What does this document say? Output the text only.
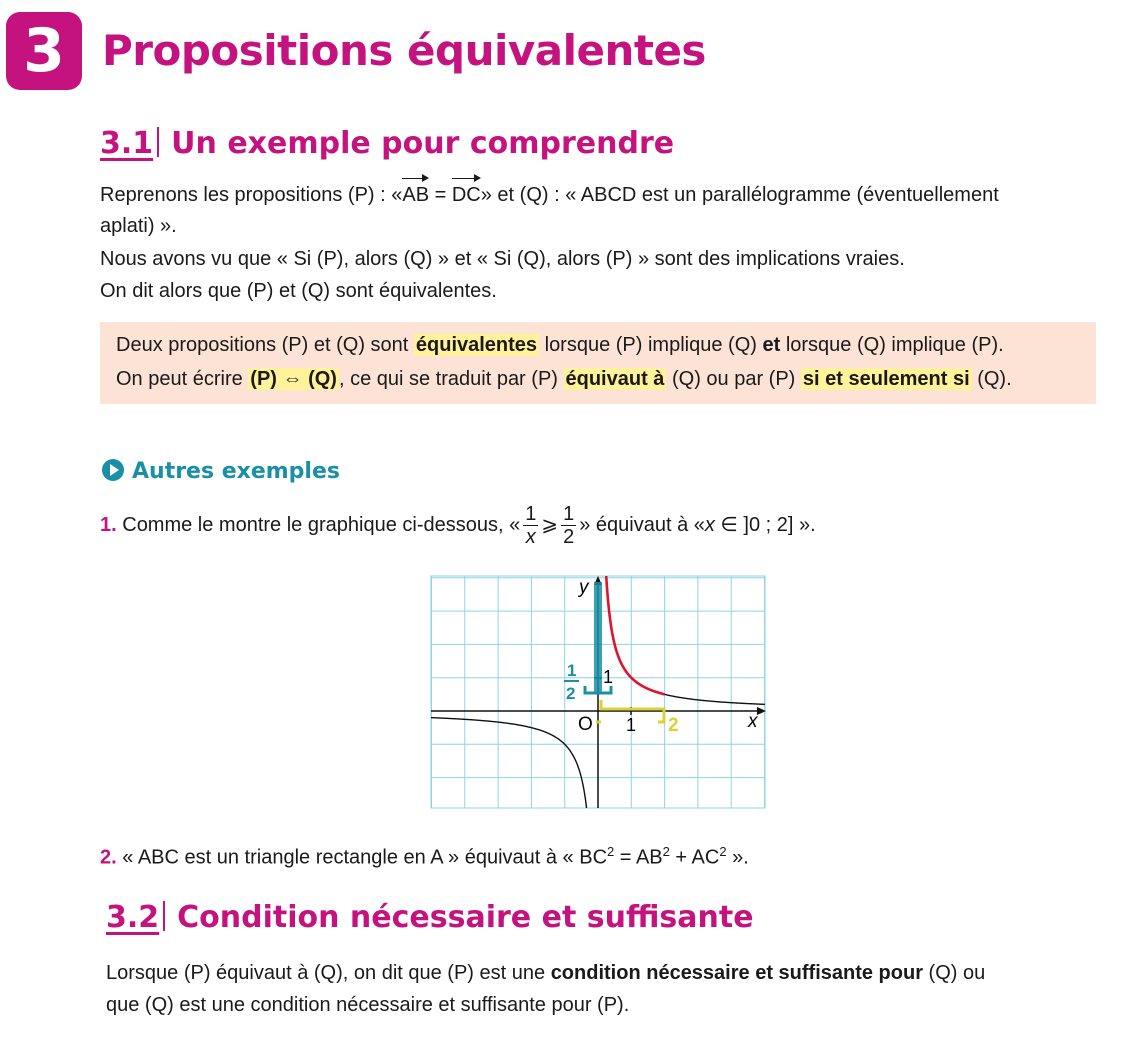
3 Propositions équivalentes
3.1 Un exemple pour comprendre

Reprenons les propositions (P) : «AB = DC» et (Q) : « ABCD est un parallélogramme (éventuellement

aplati) ».

Nous avons vu que « Si (P), alors (Q) » et « Si (Q), alors (P) » sont des implications vraies.

On dit alors que (P) et (Q) sont équivalentes.

Deux propositions (P) et (Q) sont équivalentes lorsque (P) implique (Q) et lorsque (Q) implique (P).

On peut écrire (P) ⇔ (Q) , ce qui se traduit par (P) équivaut à (Q) ou par (P) si et seulement si (Q).

Autres exemples

1. Comme le montre le graphique ci-dessous, « $\frac{1}{x}$ ⩾ $\frac{1}{2}$ » équivaut à «x ∈ ]0 ; 2] ».

y
x
O 1
1
2
1
2

2. « ABC est un triangle rectangle en A » équivaut à « $BC^2 = AB^2 + AC^2$ ».

3.2 Condition nécessaire et suffisante

Lorsque (P) équivaut à (Q), on dit que (P) est une condition nécessaire et suffisante pour (Q) ou

que (Q) est une condition nécessaire et suffisante pour (P).
